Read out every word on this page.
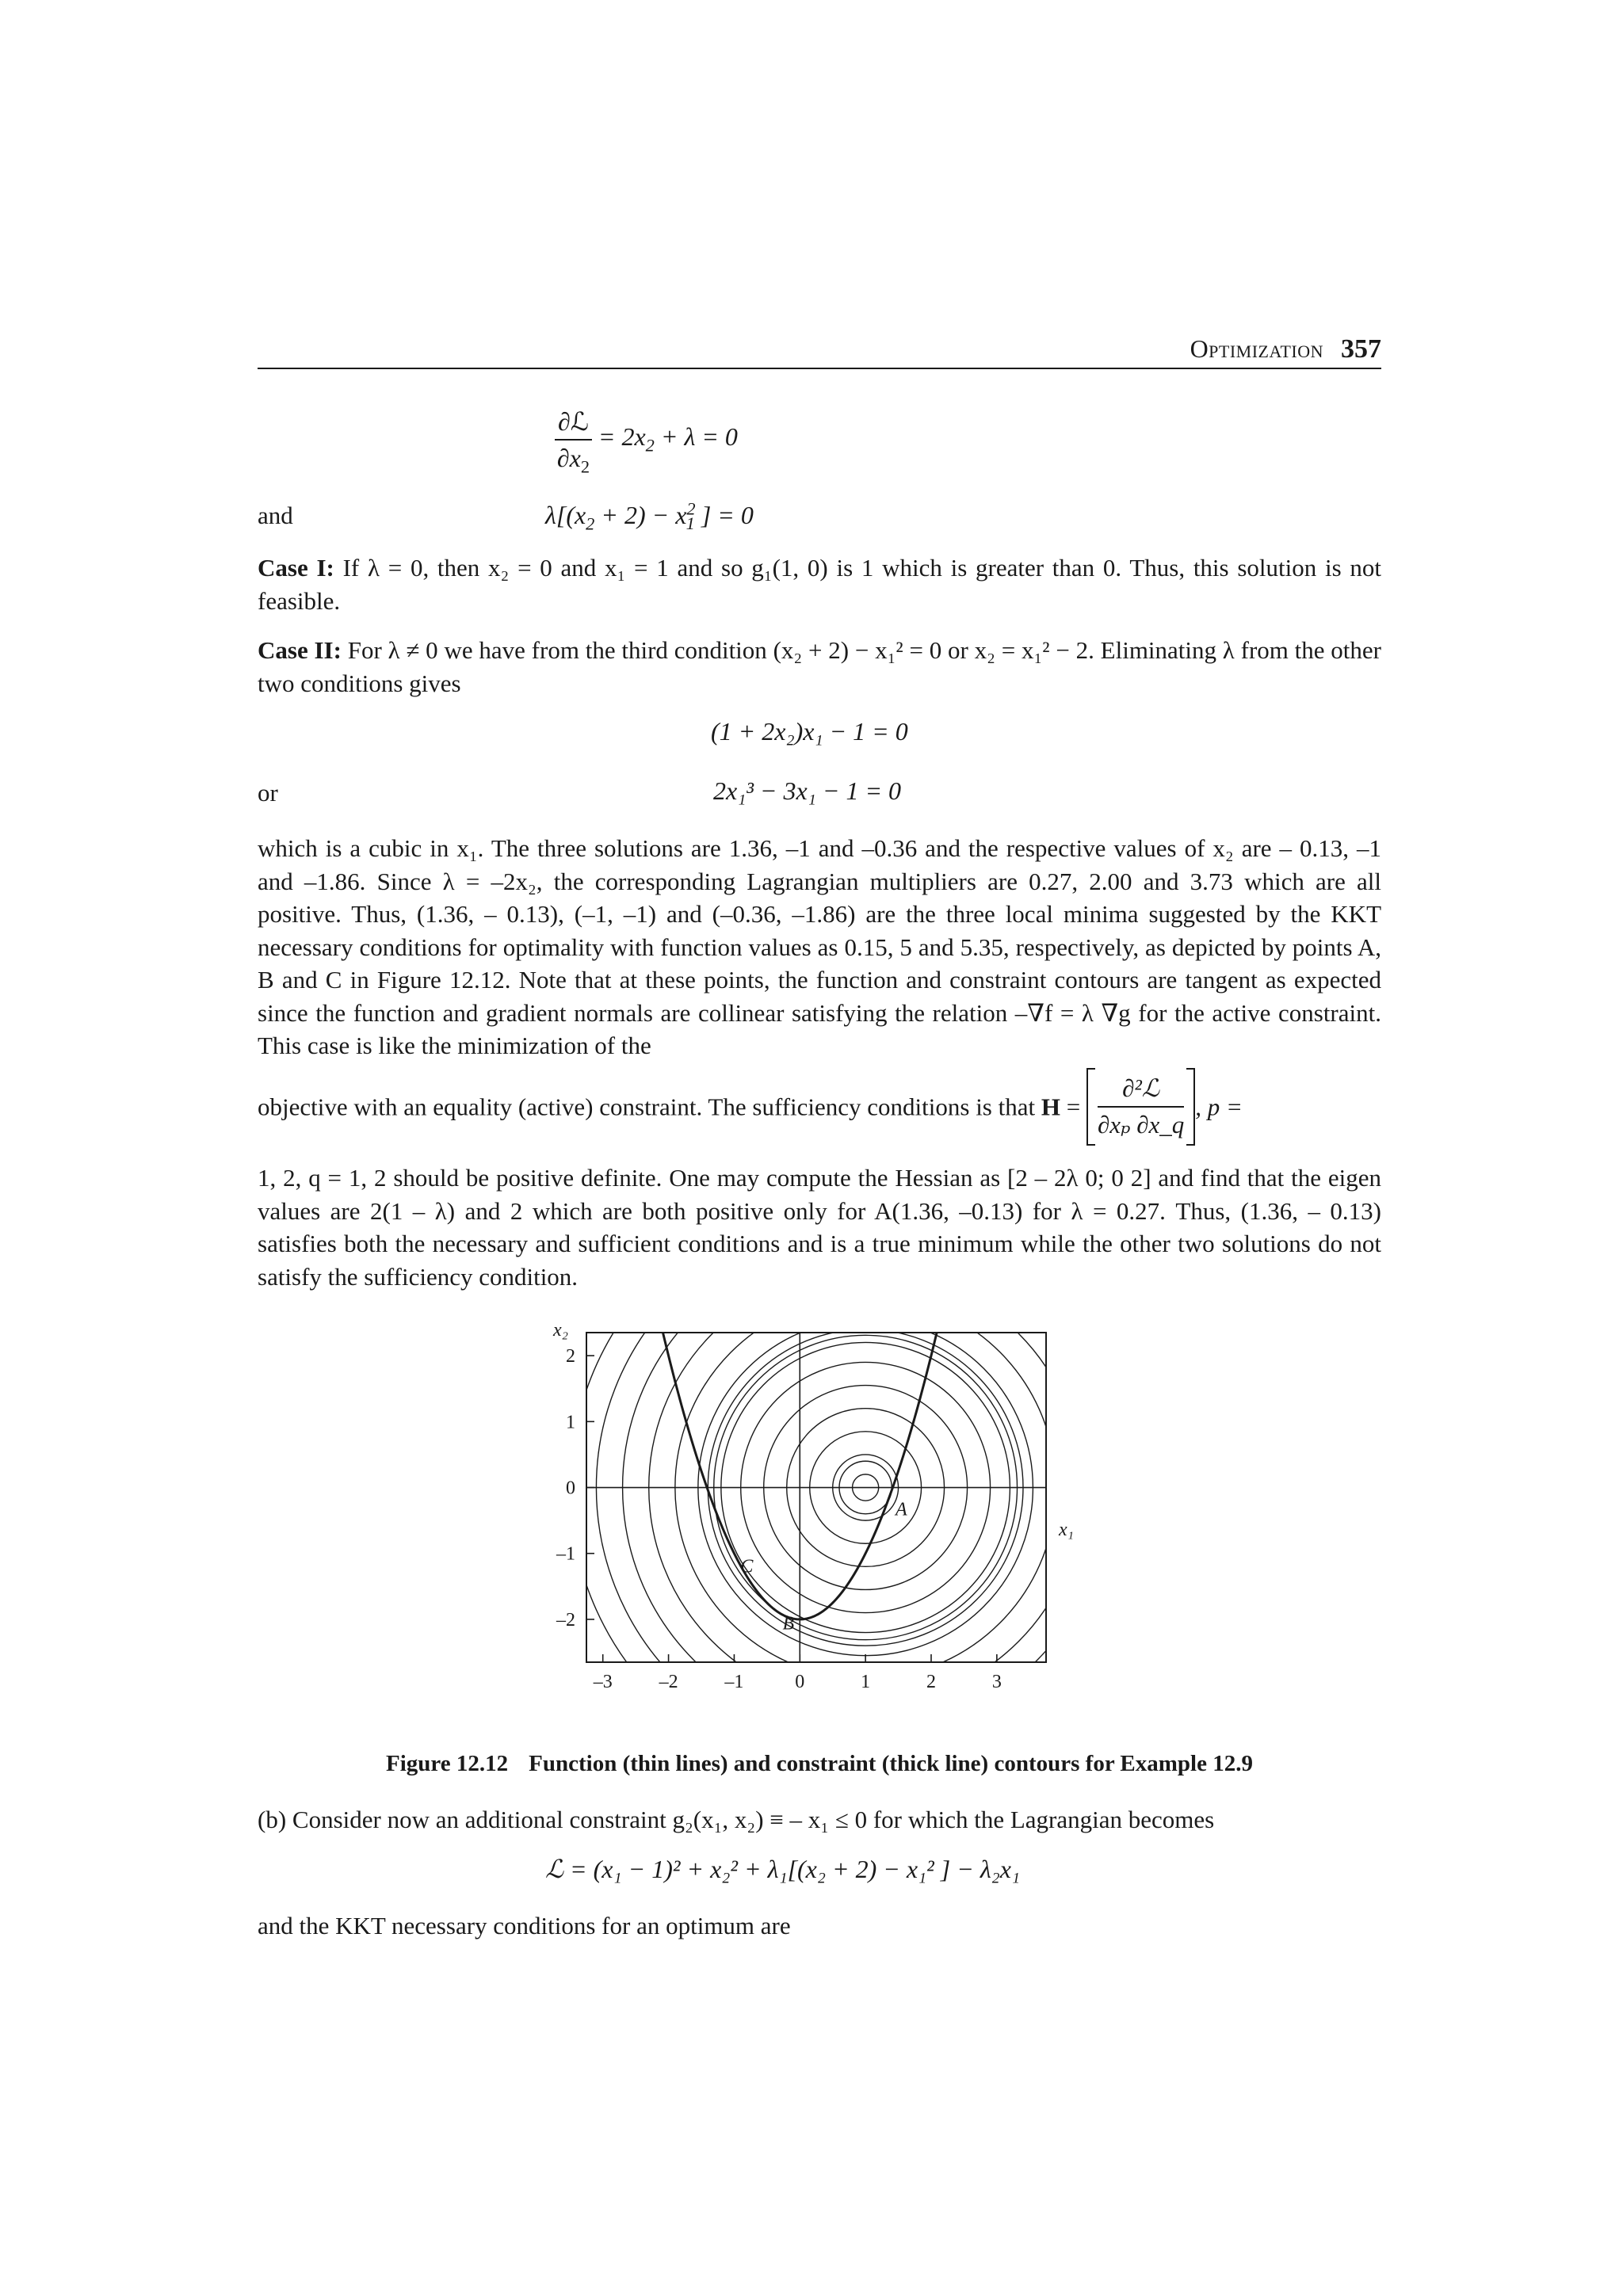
Optimization 357
$\frac{\text{∂ℒ}}{\partial x_2} = 2x_2 + \lambda = 0$
and	$\lambda[(x_2 + 2) - x^2_1$ ] = 0
Case I: If λ = 0, then x₂ = 0 and x₁ = 1 and so g₁(1, 0) is 1 which is greater than 0. Thus, this solution is not feasible.
Case II: For λ ≠ 0 we have from the third condition (x₂ + 2) − x₁² = 0 or x₂ = x₁² − 2. Eliminating λ from the other two conditions gives
(1 + 2x₂)x₁ − 1 = 0
or	2x₁³ − 3x₁ − 1 = 0
which is a cubic in x₁. The three solutions are 1.36, –1 and –0.36 and the respective values of x₂ are – 0.13, –1 and –1.86. Since λ = –2x₂, the corresponding Lagrangian multipliers are 0.27, 2.00 and 3.73 which are all positive. Thus, (1.36, – 0.13), (–1, –1) and (–0.36, –1.86) are the three local minima suggested by the KKT necessary conditions for optimality with function values as 0.15, 5 and 5.35, respectively, as depicted by points A, B and C in Figure 12.12. Note that at these points, the function and constraint contours are tangent as expected since the function and gradient normals are collinear satisfying the relation –∇f = λ ∇g for the active constraint. This case is like the minimization of the
objective with an equality (active) constraint. The sufficiency conditions is that $H = \frac{\text{∂²ℒ}}{\text{∂xₚ ∂x\_q}}$ , p =
1, 2, q = 1, 2 should be positive definite. One may compute the Hessian as [2 – 2λ 0; 0 2] and find that the eigen values are 2(1 – λ) and 2 which are both positive only for A(1.36, –0.13) for λ = 0.27. Thus, (1.36, – 0.13) satisfies both the necessary and sufficient conditions and is a true minimum while the other two solutions do not satisfy the sufficiency condition.
–3 –2 –1	0	1	2	3
2
1
0
–1
–2
A
B
C
x₂
x₁
Figure 12.12 Function (thin lines) and constraint (thick line) contours for Example 12.9
(b) Consider now an additional constraint g₂(x₁, x₂) ≡ – x₁ ≤ 0 for which the Lagrangian becomes
ℒ = (x₁ − 1)² + x₂² + λ₁[(x₂ + 2) − x₁² ] − λ₂x₁
and the KKT necessary conditions for an optimum are
